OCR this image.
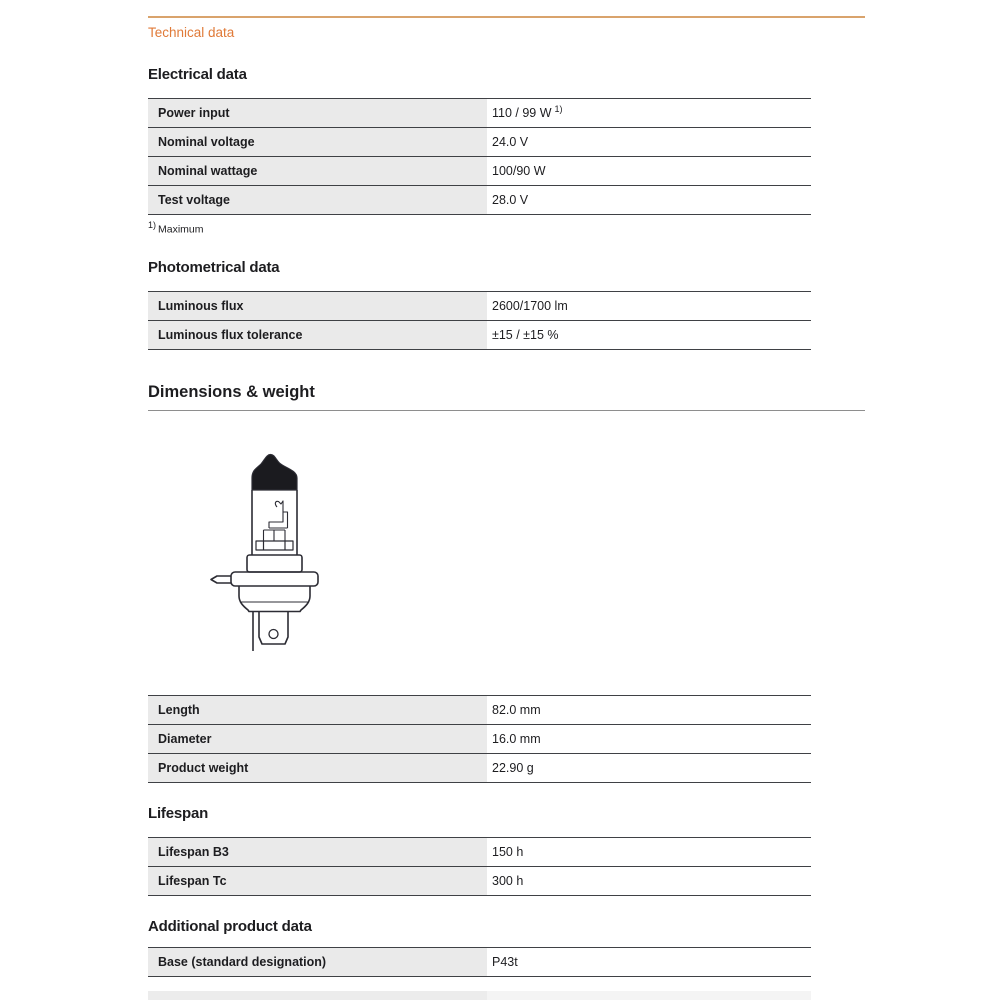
Technical data
Electrical data
Power input	110 / 99 W $^{1)}$
Nominal voltage	24.0 V
Nominal wattage	100/90 W
Test voltage	28.0 V
$^{1)}$ Maximum
Photometrical data
Luminous flux	2600/1700 lm
Luminous flux tolerance	±15 / ±15 %
Dimensions & weight
Length	82.0 mm
Diameter	16.0 mm
Product weight	22.90 g
Lifespan
Lifespan B3	150 h
Lifespan Tc	300 h
Additional product data
Base (standard designation)	P43t
